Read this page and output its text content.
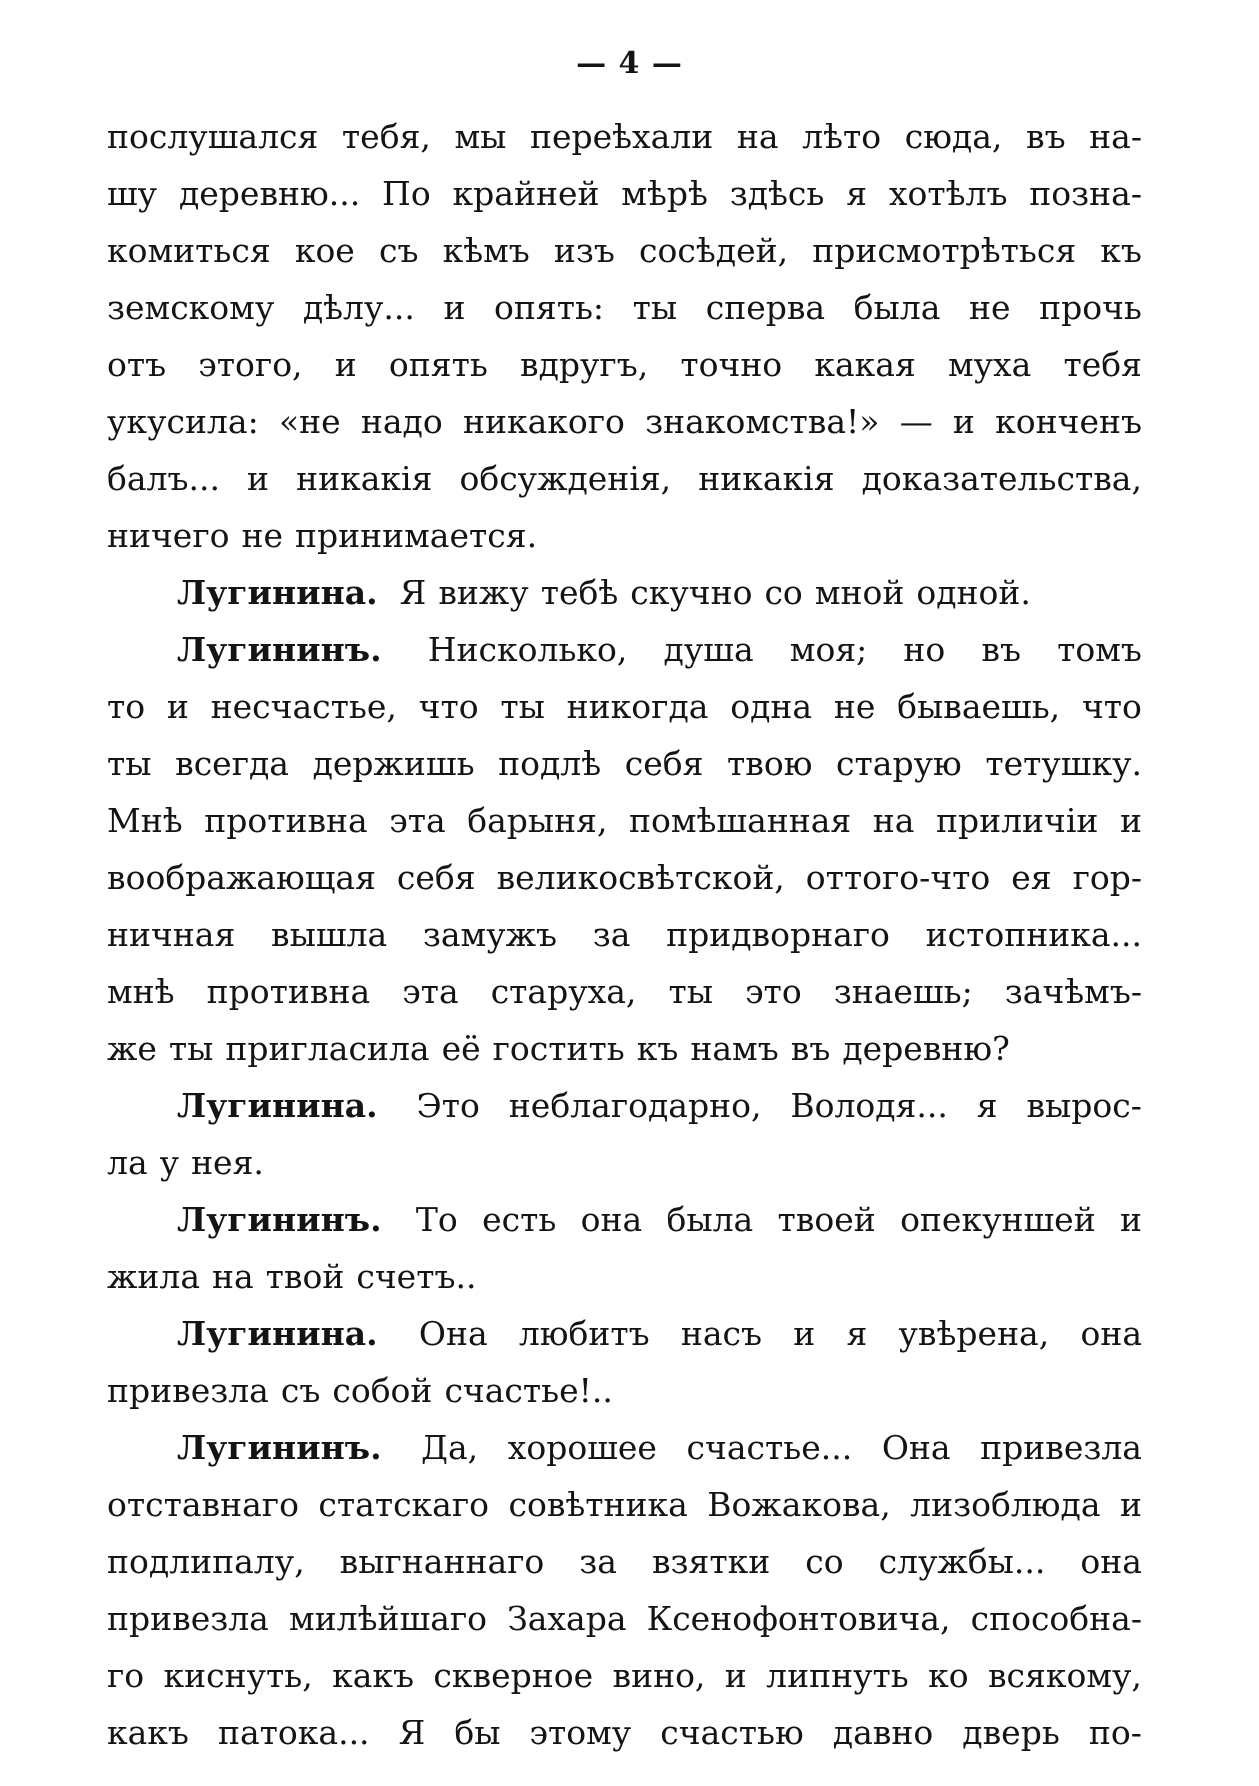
— 4 —
послушался тебя, мы переѣхали на лѣто сюда, въ на-
шу деревню... По крайней мѣрѣ здѣсь я хотѣлъ позна-
комиться кое съ кѣмъ изъ сосѣдей, присмотрѣться къ
земскому дѣлу... и опять: ты сперва была не прочь
отъ этого, и опять вдругъ, точно какая муха тебя
укусила: «не надо никакого знакомства!» — и конченъ
балъ... и никакія обсужденія, никакія доказательства,
ничего не принимается.
Лугинина. Я вижу тебѣ скучно со мной одной.
Лугининъ. Нисколько, душа моя; но въ томъ
то и несчастье, что ты никогда одна не бываешь, что
ты всегда держишь подлѣ себя твою старую тетушку.
Мнѣ противна эта барыня, помѣшанная на приличіи и
воображающая себя великосвѣтской, оттого-что ея гор-
ничная вышла замужъ за придворнаго истопника...
мнѣ противна эта старуха, ты это знаешь; зачѣмъ-
же ты пригласила её гостить къ намъ въ деревню?
Лугинина. Это неблагодарно, Володя... я вырос-
ла у нея.
Лугининъ. То есть она была твоей опекуншей и
жила на твой счетъ..
Лугинина. Она любитъ насъ и я увѣрена, она
привезла съ собой счастье!..
Лугининъ. Да, хорошее счастье... Она привезла
отставнаго статскаго совѣтника Вожакова, лизоблюда и
подлипалу, выгнаннаго за взятки со службы... она
привезла милѣйшаго Захара Ксенофонтовича, способна-
го киснуть, какъ скверное вино, и липнуть ко всякому,
какъ патока... Я бы этому счастью давно дверь по-
